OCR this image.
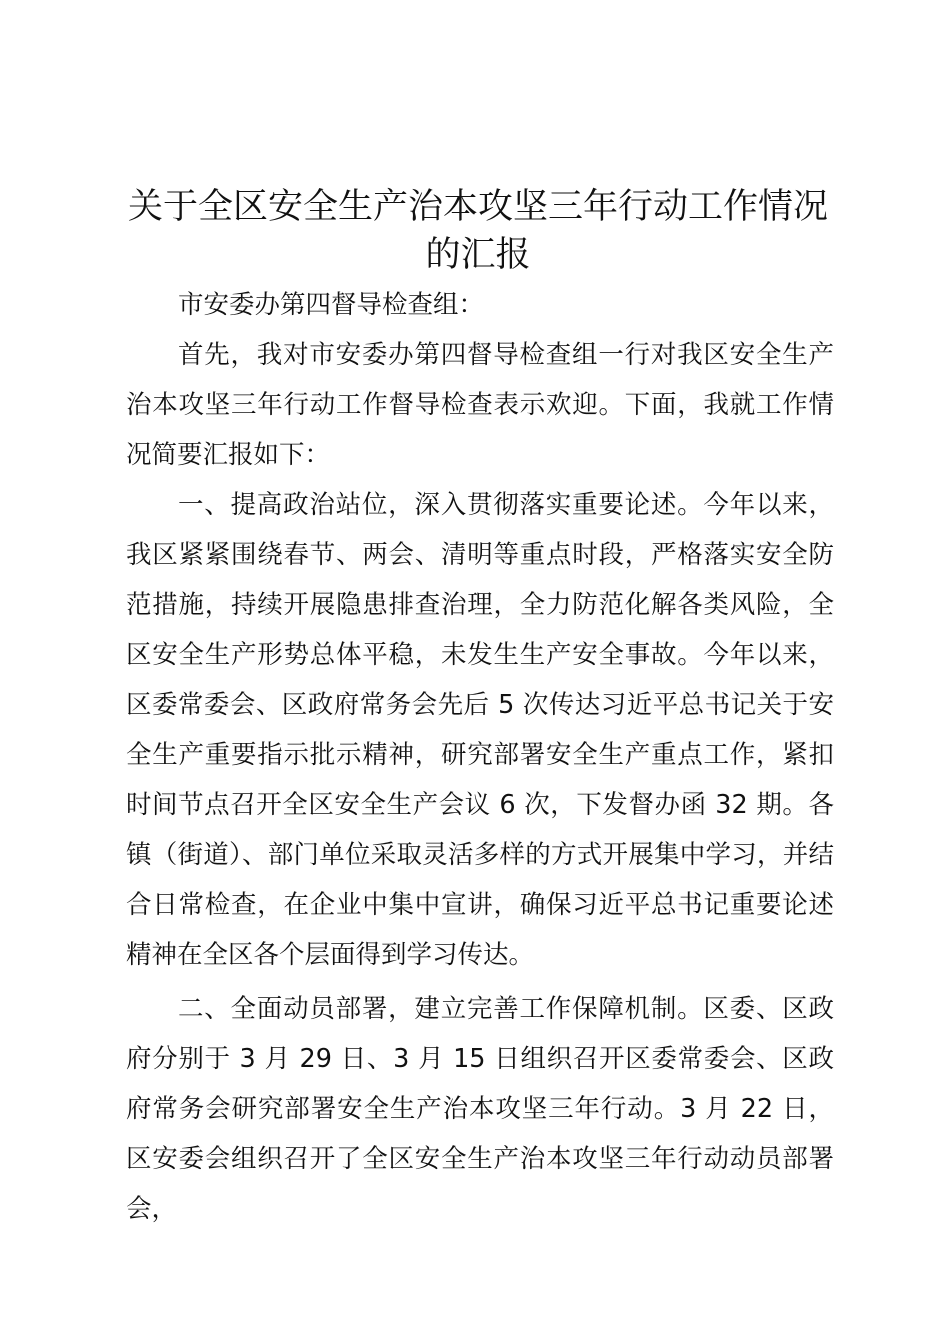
关于全区安全生产治本攻坚三年行动工作情况的汇报

市安委办第四督导检查组：

首先，我对市安委办第四督导检查组一行对我区安全生产治本攻坚三年行动工作督导检查表示欢迎。下面，我就工作情况简要汇报如下：

一、提高政治站位，深入贯彻落实重要论述。今年以来，我区紧紧围绕春节、两会、清明等重点时段，严格落实安全防范措施，持续开展隐患排查治理，全力防范化解各类风险，全区安全生产形势总体平稳，未发生生产安全事故。今年以来，区委常委会、区政府常务会先后 5 次传达习近平总书记关于安全生产重要指示批示精神，研究部署安全生产重点工作，紧扣时间节点召开全区安全生产会议 6 次，下发督办函 32 期。各镇（街道）、部门单位采取灵活多样的方式开展集中学习，并结合日常检查，在企业中集中宣讲，确保习近平总书记重要论述精神在全区各个层面得到学习传达。

二、全面动员部署，建立完善工作保障机制。区委、区政府分别于 3 月 29 日、3 月 15 日组织召开区委常委会、区政府常务会研究部署安全生产治本攻坚三年行动。3 月 22 日，区安委会组织召开了全区安全生产治本攻坚三年行动动员部署会，
